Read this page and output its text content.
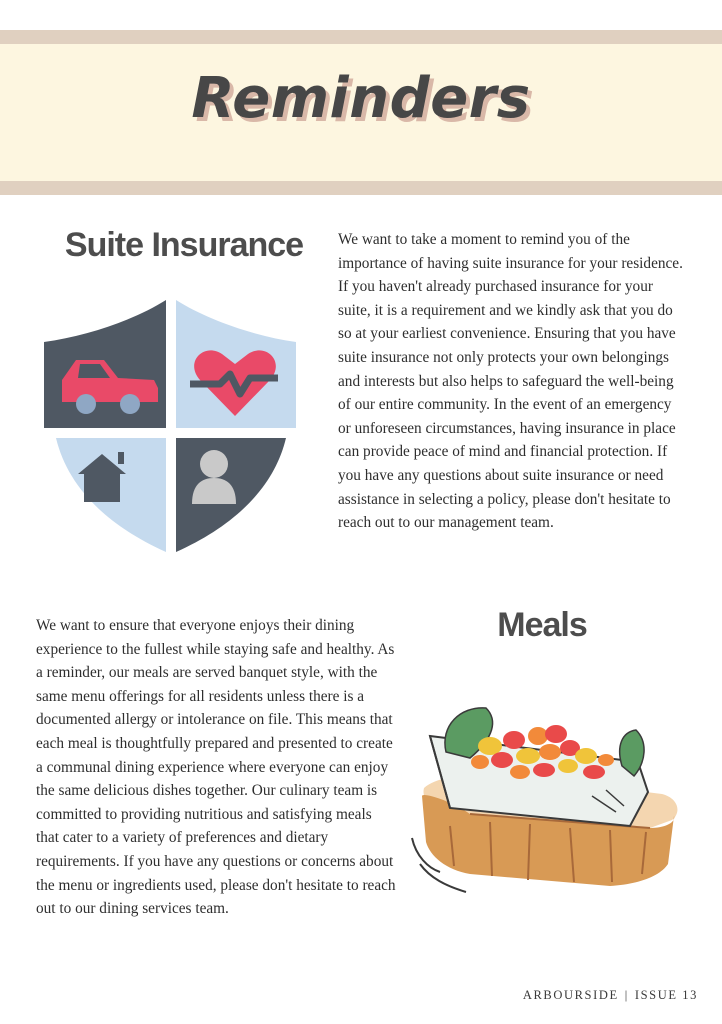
Reminders
Suite Insurance	We want to take a moment to remind you of the importance of having suite insurance for your residence. If you haven't already purchased insurance for your suite, it is a requirement and we kindly ask that you do so at your earliest convenience. Ensuring that you have suite insurance not only protects your own belongings and interests but also helps to safeguard the well-being of our entire community. In the event of an emergency or unforeseen circumstances, having insurance in place can provide peace of mind and financial protection. If you have any questions about suite insurance or need assistance in selecting a policy, please don't hesitate to reach out to our management team.
We want to ensure that everyone enjoys their dining experience to the fullest while staying safe and healthy. As a reminder, our meals are served banquet style, with the same menu offerings for all residents unless there is a documented allergy or intolerance on file. This means that each meal is thoughtfully prepared and presented to create a communal dining experience where everyone can enjoy the same delicious dishes together. Our culinary team is committed to providing nutritious and satisfying meals that cater to a variety of preferences and dietary requirements. If you have any questions or concerns about the menu or ingredients used, please don't hesitate to reach out to our dining services team.
Meals
ARBOURSIDE | ISSUE 13
